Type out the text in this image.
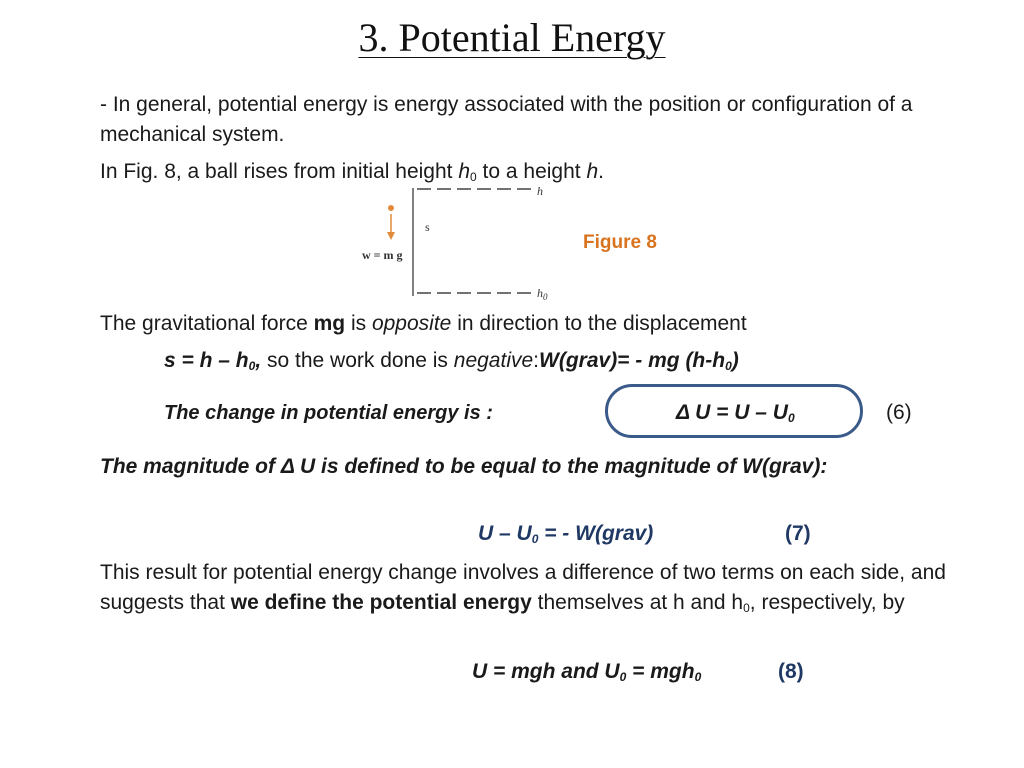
3. Potential Energy
- In general, potential energy is energy associated with the position or configuration of a mechanical system.
In Fig. 8, a ball rises from initial height $h_0$ to a height h.
s
w = m g
h
$h_0$
Figure 8
The gravitational force mg is opposite in direction to the displacement
$s = h - h_0$, so the work done is negative:W(grav)= - mg $(h-h_0)$
The change in potential energy is :	Δ $U = U - U_0$	(6)
The magnitude of Δ U is defined to be equal to the magnitude of W(grav):
U – $U_0$ = - W(grav)	(7)
This result for potential energy change involves a difference of two terms on each side, and suggests that we define the potential energy themselves at h and $h_0$, respectively, by
U = mgh and $U_0 = mgh_0$	(8)
